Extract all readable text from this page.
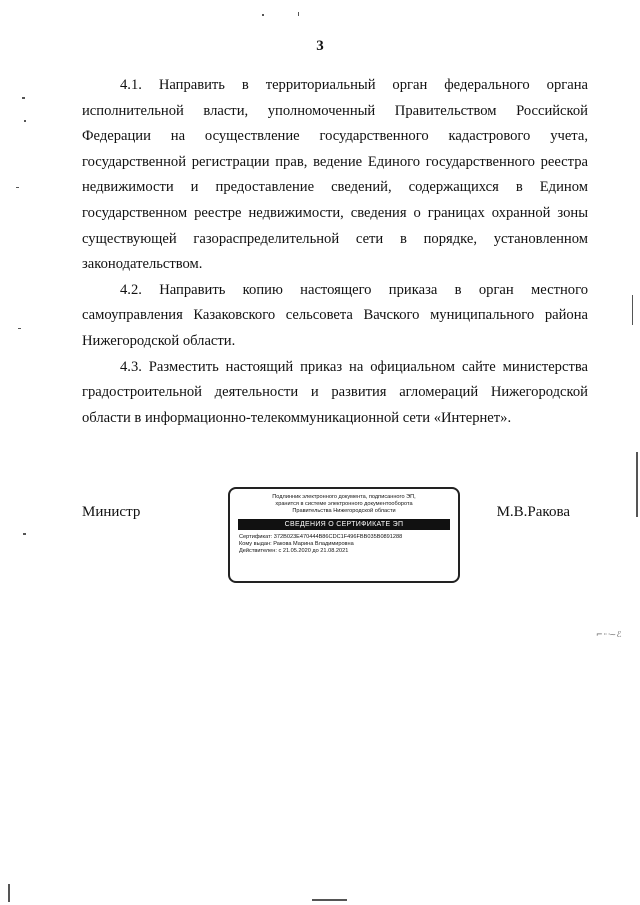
3

4.1. Направить в территориальный орган федерального органа исполнительной власти, уполномоченный Правительством Российской Федерации на осуществление государственного кадастрового учета, государственной регистрации прав, ведение Единого государственного реестра недвижимости и предоставление сведений, содержащихся в Едином государственном реестре недвижимости, сведения о границах охранной зоны существующей газораспределительной сети в порядке, установленном законодательством.

4.2. Направить копию настоящего приказа в орган местного самоуправления Казаковского сельсовета Вачского муниципального района Нижегородской области.

4.3. Разместить настоящий приказ на официальном сайте министерства градостроительной деятельности и развития агломераций Нижегородской области в информационно-телекоммуникационной сети «Интернет».

Министр
Подлинник электронного документа, подписанного ЭП,
хранится в системе электронного документооборота
Правительства Нижегородской области
СВЕДЕНИЯ О СЕРТИФИКАТЕ ЭП
Сертификат: 372B023E470444B86CDC1F496FBB035B0891288
Кому выдан: Ракова Марина Владимировна
Действителен: с 21.05.2020 до 21.08.2021
М.В.Ракова
⌐ ·· ·~ ℰ
